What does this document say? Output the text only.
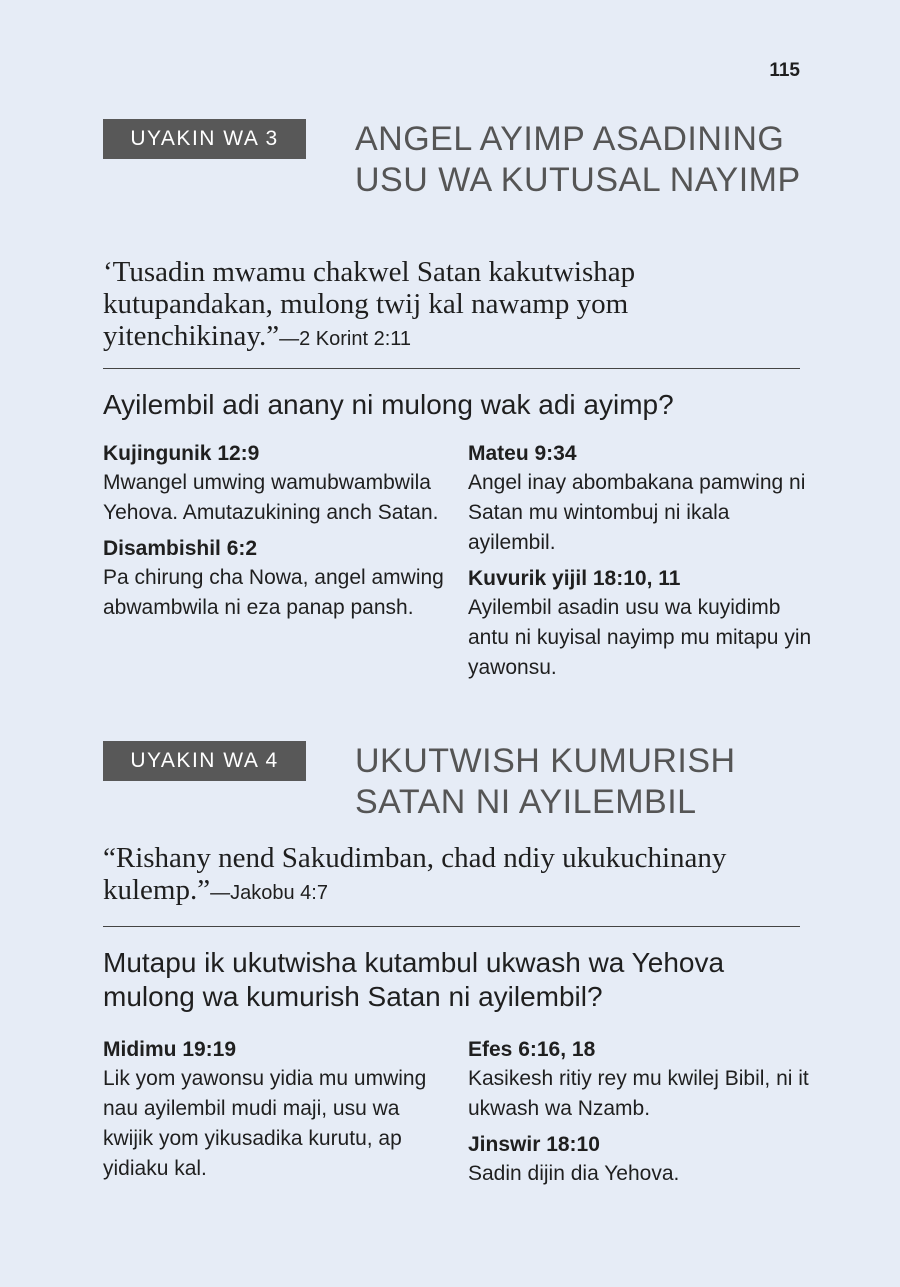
115
UYAKIN WA 3	ANGEL AYIMP ASADINING USU WA KUTUSAL NAYIMP

‘Tusadin mwamu chakwel Satan kakutwishap kutupandakan, mulong twij kal nawamp yom yitenchikinay.”—2 Korint 2:11

Ayilembil adi anany ni mulong wak adi ayimp?
Kujingunik 12:9
Mwangel umwing wamubwambwila Yehova. Amutazukining anch Satan.
Disambishil 6:2
Pa chirung cha Nowa, angel amwing abwambwila ni eza panap pansh.
Mateu 9:34
Angel inay abombakana pamwing ni Satan mu wintombuj ni ikala ayilembil.
Kuvurik yijil 18:10, 11
Ayilembil asadin usu wa kuyidimb antu ni kuyisal nayimp mu mitapu yin yawonsu.
UYAKIN WA 4	UKUTWISH KUMURISH SATAN NI AYILEMBIL

“Rishany nend Sakudimban, chad ndiy ukukuchinany kulemp.”—Jakobu 4:7

Mutapu ik ukutwisha kutambul ukwash wa Yehova mulong wa kumurish Satan ni ayilembil?
Midimu 19:19
Lik yom yawonsu yidia mu umwing nau ayilembil mudi maji, usu wa kwijik yom yikusadika kurutu, ap yidiaku kal.
Efes 6:16, 18
Kasikesh ritiy rey mu kwilej Bibil, ni it ukwash wa Nzamb.
Jinswir 18:10
Sadin dijin dia Yehova.
